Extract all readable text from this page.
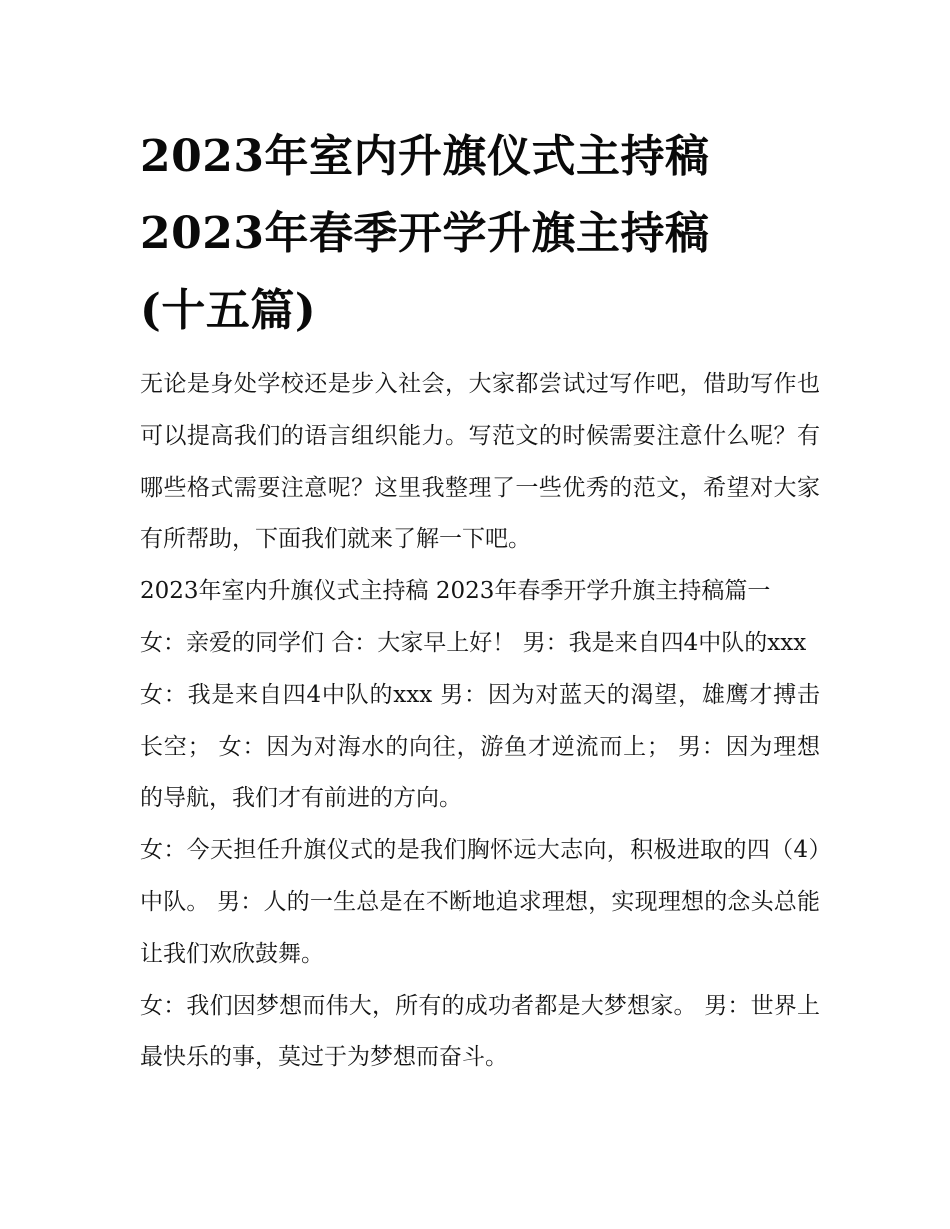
2023年室内升旗仪式主持稿
2023年春季开学升旗主持稿
(十五篇)

无论是身处学校还是步入社会，大家都尝试过写作吧，借助写作也可以提高我们的语言组织能力。写范文的时候需要注意什么呢？有哪些格式需要注意呢？这里我整理了一些优秀的范文，希望对大家有所帮助，下面我们就来了解一下吧。

2023年室内升旗仪式主持稿 2023年春季开学升旗主持稿篇一

女：亲爱的同学们 合：大家早上好！ 男：我是来自四4中队的xxx

女：我是来自四4中队的xxx 男：因为对蓝天的渴望，雄鹰才搏击长空； 女：因为对海水的向往，游鱼才逆流而上； 男：因为理想的导航，我们才有前进的方向。

女：今天担任升旗仪式的是我们胸怀远大志向，积极进取的四（4）中队。 男：人的一生总是在不断地追求理想，实现理想的念头总能让我们欢欣鼓舞。

女：我们因梦想而伟大，所有的成功者都是大梦想家。 男：世界上最快乐的事，莫过于为梦想而奋斗。
